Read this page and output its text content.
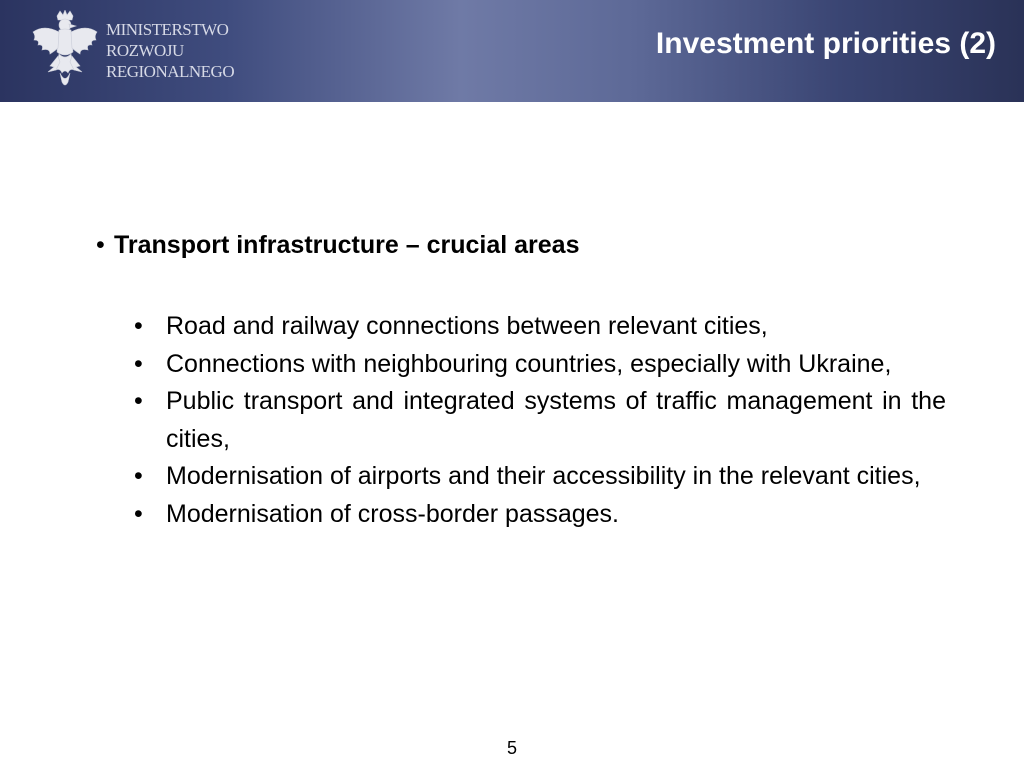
MINISTERSTWO
ROZWOJU
REGIONALNEGO
Investment priorities (2)
• Transport infrastructure – crucial areas
• Road and railway connections between relevant cities,
• Connections with neighbouring countries, especially with Ukraine,
• Public transport and integrated systems of traffic management in the cities,
• Modernisation of airports and their accessibility in the relevant cities,
• Modernisation of cross-border passages.
5
